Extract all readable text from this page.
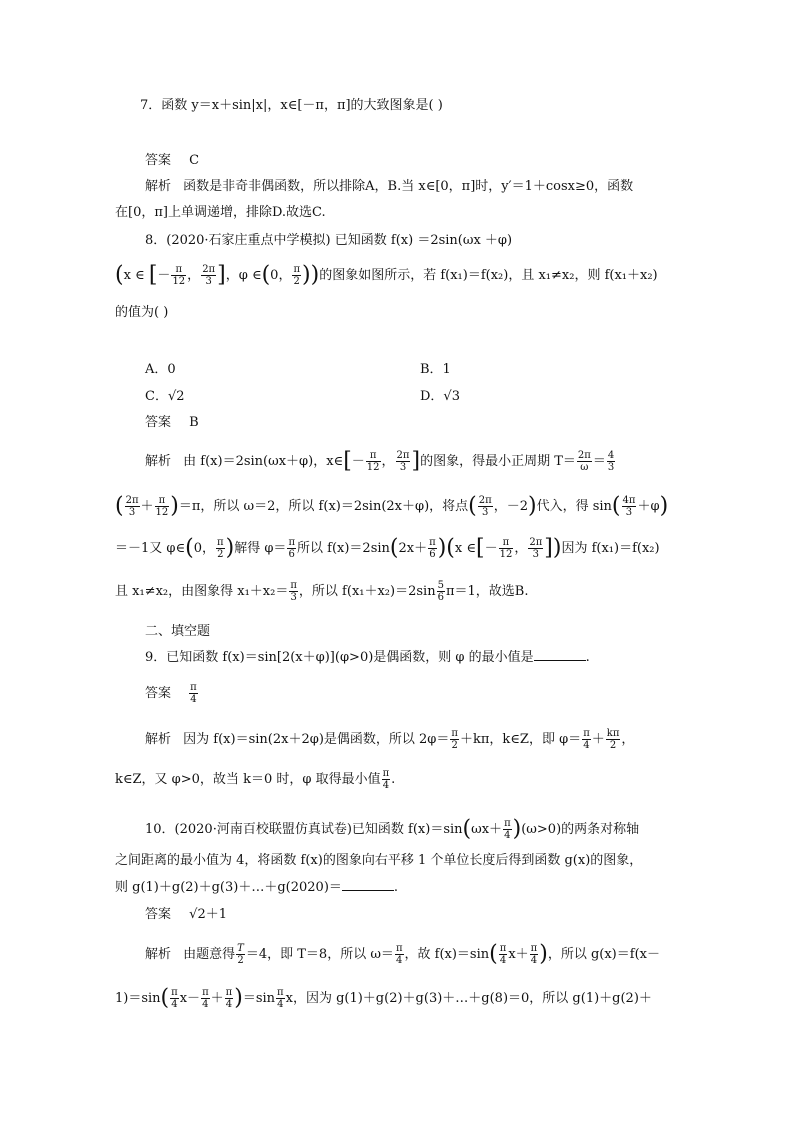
7．函数 y＝x＋sin|x|，x∈[－π，π]的大致图象是( )
答案 C
解析 函数是非奇非偶函数，所以排除A，B.当 x∈[0，π]时，y′＝1＋cosx≥0，函数
在[0，π]上单调递增，排除D.故选C.
8．(2020·石家庄重点中学模拟) 已知函数 f(x) ＝2sin(ωx ＋φ)
(x ∈ [－ $\frac{\pi}{12}$ ， $\frac{2\pi}{3}$ ]，φ ∈(0， $\frac{\pi}{2}$ ))的图象如图所示，若 f(x₁)＝f(x₂)，且 x₁≠x₂，则 f(x₁＋x₂)
的值为( )
A．0	B．1
C．√2	D．√3
答案 B
解析 由 f(x)＝2sin(ωx＋φ)，x∈[－ $\frac{\pi}{12}$ ， $\frac{2\pi}{3}$ ]的图象，得最小正周期 $T= \frac{2\pi}{\omega} = \frac{4}{3}$
( $\frac{2\pi}{3} + \frac{\pi}{12} )=\pi$，所以 ω＝2，所以 f(x)＝2sin(2x＋φ)，将点( $\frac{2\pi}{3}$ ，－2)代入，得 $\sin( \frac{4\pi}{3} +\varphi)$
＝－1又 φ∈(0， $\frac{\pi}{2}$ )解得 $\varphi= \frac{\pi}{6}$ 所以 $f(x)=2\sin(2x+ \frac{\pi}{6} )(x$ ∈[－ $\frac{\pi}{12}$ ， $\frac{2\pi}{3}$ ])因为 f(x₁)＝f(x₂)
且 x₁≠x₂，由图象得 $x_1+x_2= \frac{\pi}{3}$ ，所以 $f(x_1+x_2)=2\sin \frac{5}{6} \pi=1$，故选B.
二、填空题
9．已知函数 f(x)＝sin[2(x＋φ)](φ>0)是偶函数，则 φ 的最小值是	.
答案 $\frac{\pi}{4}$
解析 因为 f(x)＝sin(2x＋2φ)是偶函数，所以 $2\varphi= \frac{\pi}{2} +k\pi$，k∈Z，即 $\varphi= \frac{\pi}{4} + \frac{k\pi}{2}$ ，
k∈Z，又 φ>0，故当 k＝0 时，φ 取得最小值 $\frac{\pi}{4}$ .
10．(2020·河南百校联盟仿真试卷)已知函数 $f(x)=\sin(\omega x+ \frac{\pi}{4} )(\omega>0)$的两条对称轴
之间距离的最小值为 4，将函数 f(x)的图象向右平移 1 个单位长度后得到函数 g(x)的图象，
则 g(1)＋g(2)＋g(3)＋…＋g(2020)＝	.
答案 √2＋1
解析 由题意得 $\frac{T}{2} =4$，即 T＝8，所以 $\omega= \frac{\pi}{4}$ ，故 $f(x)=\sin( \frac{\pi}{4} x+ \frac{\pi}{4}$ )，所以 g(x)＝f(x－
$1)=\sin( \frac{\pi}{4} x- \frac{\pi}{4} + \frac{\pi}{4} )=\sin \frac{\pi}{4}$ x，因为 g(1)＋g(2)＋g(3)＋…＋g(8)＝0，所以 g(1)＋g(2)＋
